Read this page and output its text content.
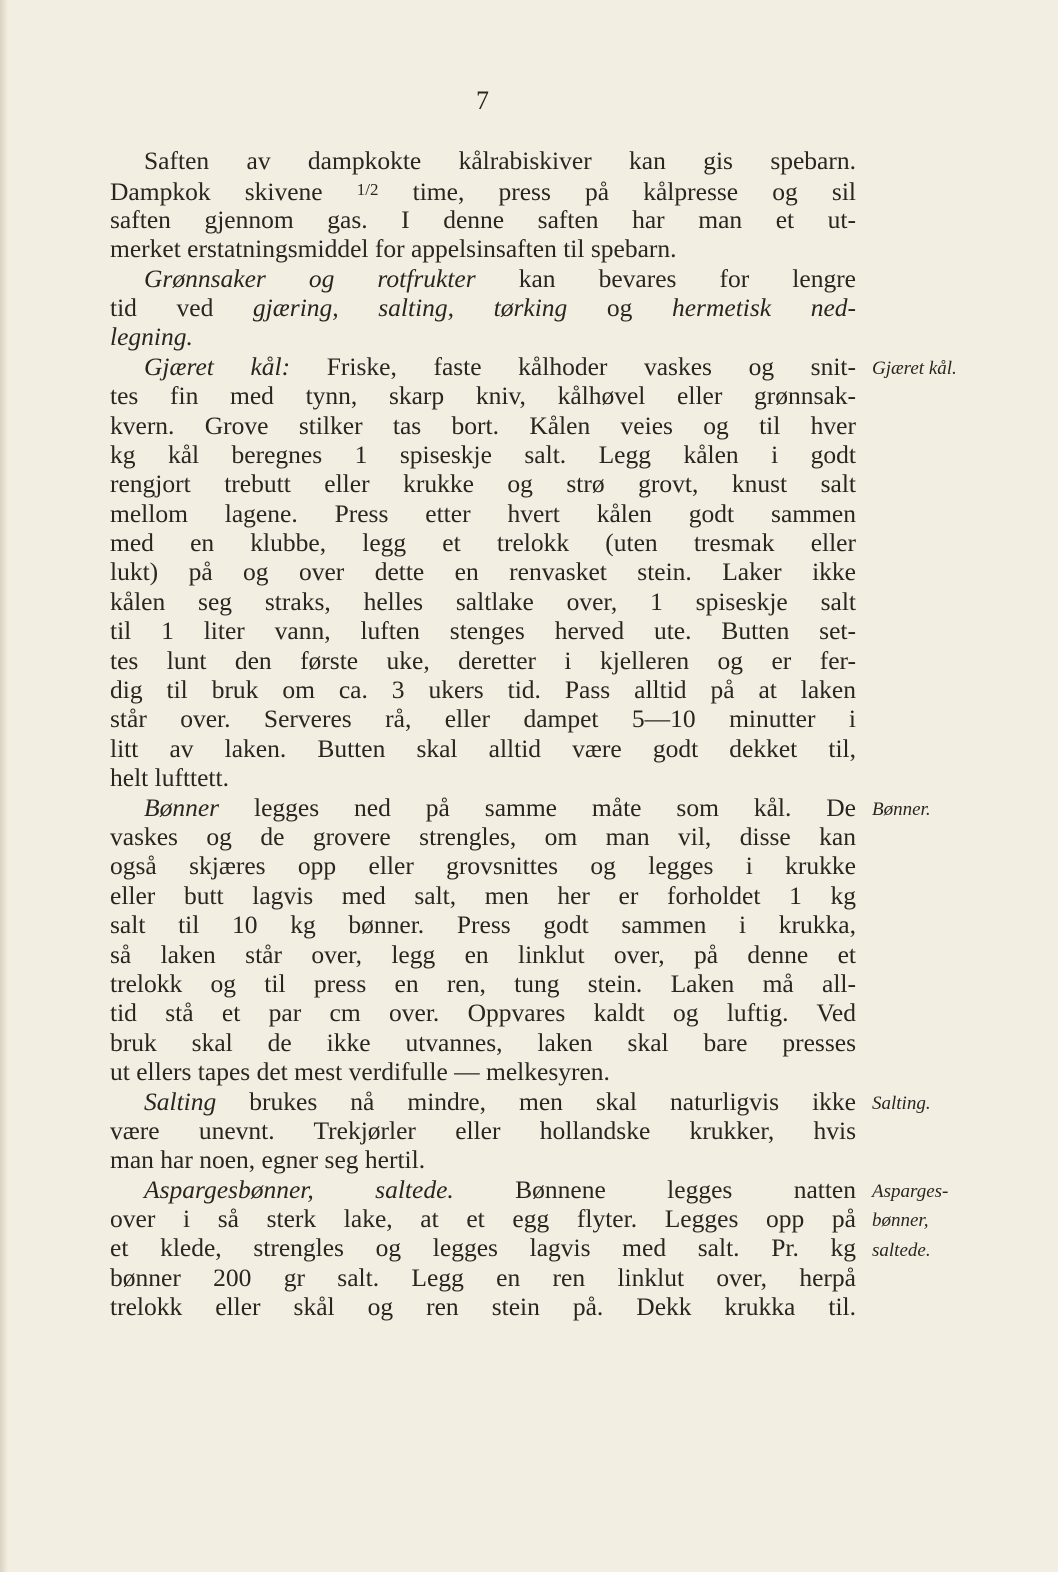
7
Saften av dampkokte kålrabiskiver kan gis spebarn.
Dampkok skivene 1/2 time, press på kålpresse og sil
saften gjennom gas. I denne saften har man et ut-
merket erstatningsmiddel for appelsinsaften til spebarn.
Grønnsaker og rotfrukter kan bevares for lengre
tid ved gjæring, salting, tørking og hermetisk ned-
legning.
Gjæret kål: Friske, faste kålhoder vaskes og snit-
tes fin med tynn, skarp kniv, kålhøvel eller grønnsak-
kvern. Grove stilker tas bort. Kålen veies og til hver
kg kål beregnes 1 spiseskje salt. Legg kålen i godt
rengjort trebutt eller krukke og strø grovt, knust salt
mellom lagene. Press etter hvert kålen godt sammen
med en klubbe, legg et trelokk (uten tresmak eller
lukt) på og over dette en renvasket stein. Laker ikke
kålen seg straks, helles saltlake over, 1 spiseskje salt
til 1 liter vann, luften stenges herved ute. Butten set-
tes lunt den første uke, deretter i kjelleren og er fer-
dig til bruk om ca. 3 ukers tid. Pass alltid på at laken
står over. Serveres rå, eller dampet 5—10 minutter i
litt av laken. Butten skal alltid være godt dekket til,
helt lufttett.
Bønner legges ned på samme måte som kål. De
vaskes og de grovere strengles, om man vil, disse kan
også skjæres opp eller grovsnittes og legges i krukke
eller butt lagvis med salt, men her er forholdet 1 kg
salt til 10 kg bønner. Press godt sammen i krukka,
så laken står over, legg en linklut over, på denne et
trelokk og til press en ren, tung stein. Laken må all-
tid stå et par cm over. Oppvares kaldt og luftig. Ved
bruk skal de ikke utvannes, laken skal bare presses
ut ellers tapes det mest verdifulle — melkesyren.
Salting brukes nå mindre, men skal naturligvis ikke
være unevnt. Trekjørler eller hollandske krukker, hvis
man har noen, egner seg hertil.
Aspargesbønner, saltede. Bønnene legges natten
over i så sterk lake, at et egg flyter. Legges opp på
et klede, strengles og legges lagvis med salt. Pr. kg
bønner 200 gr salt. Legg en ren linklut over, herpå
trelokk eller skål og ren stein på. Dekk krukka til.
Gjæret kål.
Bønner.
Salting.
Asparges-
bønner,
saltede.
